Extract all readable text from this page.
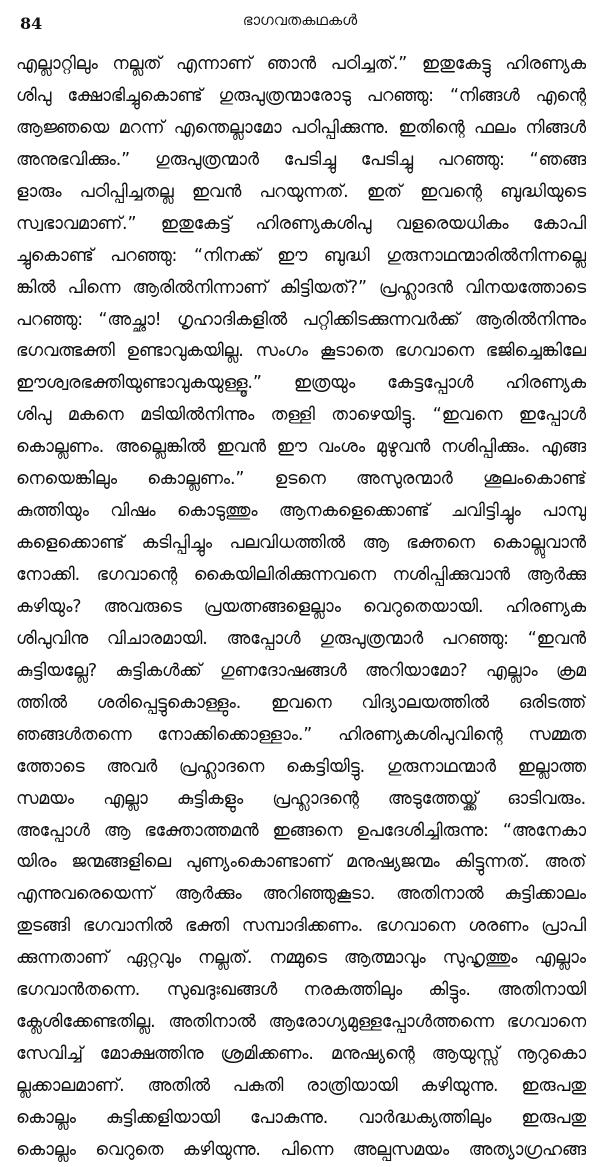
84	ഭാഗവതകഥകൾ
എല്ലാറ്റിലും നല്ലത് എന്നാണ് ഞാൻ പഠിച്ചത്.” ഇതുകേട്ടു ഹിരണ്യക
ശിപു ക്ഷോഭിച്ചുകൊണ്ട് ഗുരുപുത്രന്മാരോടു പറഞ്ഞു: “നിങ്ങൾ എന്റെ
ആജ്ഞയെ മറന്ന് എന്തെല്ലാമോ പഠിപ്പിക്കുന്നു. ഇതിന്റെ ഫലം നിങ്ങൾ
അനുഭവിക്കും.” ഗുരുപുത്രന്മാർ പേടിച്ചു പേടിച്ചു പറഞ്ഞു: “ഞങ്ങ
ളാരും പഠിപ്പിച്ചതല്ല ഇവൻ പറയുന്നത്. ഇത് ഇവന്റെ ബുദ്ധിയുടെ
സ്വഭാവമാണ്.” ഇതുകേട്ട് ഹിരണ്യകശിപു വളരെയധികം കോപി
ച്ചുകൊണ്ട് പറഞ്ഞു: “നിനക്ക് ഈ ബുദ്ധി ഗുരുനാഥന്മാരിൽനിന്നല്ലെ
ങ്കിൽ പിന്നെ ആരിൽനിന്നാണ് കിട്ടിയത്?” പ്രഹ്ലാദൻ വിനയത്തോടെ
പറഞ്ഞു: “അച്ഛാ! ഗൃഹാദികളിൽ പറ്റിക്കിടക്കുന്നവർക്ക് ആരിൽനിന്നും
ഭഗവത്ഭക്തി ഉണ്ടാവുകയില്ല. സംഗം കൂടാതെ ഭഗവാനെ ഭജിച്ചെങ്കിലേ
ഈശ്വരഭക്തിയുണ്ടാവുകയുള്ളൂ.” ഇത്രയും കേട്ടപ്പോൾ ഹിരണ്യക
ശിപു മകനെ മടിയിൽനിന്നും തള്ളി താഴെയിട്ടു. “ഇവനെ ഇപ്പോൾ
കൊല്ലണം. അല്ലെങ്കിൽ ഇവൻ ഈ വംശം മുഴുവൻ നശിപ്പിക്കും. എങ്ങ
നെയെങ്കിലും കൊല്ലണം.” ഉടനെ അസുരന്മാർ ശൂലംകൊണ്ട്
കുത്തിയും വിഷം കൊടുത്തും ആനകളെക്കൊണ്ട് ചവിട്ടിച്ചും പാമ്പു
കളെക്കൊണ്ട് കടിപ്പിച്ചും പലവിധത്തിൽ ആ ഭക്തനെ കൊല്ലുവാൻ
നോക്കി. ഭഗവാന്റെ കൈയിലിരിക്കുന്നവനെ നശിപ്പിക്കുവാൻ ആർക്കു
കഴിയും? അവരുടെ പ്രയത്നങ്ങളെല്ലാം വെറുതെയായി. ഹിരണ്യക
ശിപുവിനു വിചാരമായി. അപ്പോൾ ഗുരുപുത്രന്മാർ പറഞ്ഞു: “ഇവൻ
കുട്ടിയല്ലേ? കുട്ടികൾക്ക് ഗുണദോഷങ്ങൾ അറിയാമോ? എല്ലാം ക്രമ
ത്തിൽ ശരിപ്പെട്ടുകൊള്ളും. ഇവനെ വിദ്യാലയത്തിൽ ഒരിടത്ത്
ഞങ്ങൾതന്നെ നോക്കിക്കൊള്ളാം.” ഹിരണ്യകശിപുവിന്റെ സമ്മത
ത്തോടെ അവർ പ്രഹ്ലാദനെ കെട്ടിയിട്ടു. ഗുരുനാഥന്മാർ ഇല്ലാത്ത
സമയം എല്ലാ കുട്ടികളും പ്രഹ്ലാദന്റെ അടുത്തേയ്ക്ക് ഓടിവരും.
അപ്പോൾ ആ ഭക്തോത്തമൻ ഇങ്ങനെ ഉപദേശിച്ചിരുന്നു: “അനേകാ
യിരം ജന്മങ്ങളിലെ പുണ്യംകൊണ്ടാണ് മനുഷ്യജന്മം കിട്ടുന്നത്. അത്
എന്നുവരെയെന്ന് ആർക്കും അറിഞ്ഞുകൂടാ. അതിനാൽ കുട്ടിക്കാലം
തുടങ്ങി ഭഗവാനിൽ ഭക്തി സമ്പാദിക്കണം. ഭഗവാനെ ശരണം പ്രാപി
ക്കുന്നതാണ് ഏറ്റവും നല്ലത്. നമ്മുടെ ആത്മാവും സുഹൃത്തും എല്ലാം
ഭഗവാൻതന്നെ. സുഖദുഃഖങ്ങൾ നരകത്തിലും കിട്ടും. അതിനായി
ക്ലേശിക്കേണ്ടതില്ല. അതിനാൽ ആരോഗ്യമുള്ളപ്പോൾത്തന്നെ ഭഗവാനെ
സേവിച്ച് മോക്ഷത്തിനു ശ്രമിക്കണം. മനുഷ്യന്റെ ആയുസ്സ് നൂറുകൊ
ല്ലക്കാലമാണ്. അതിൽ പകുതി രാത്രിയായി കഴിയുന്നു. ഇരുപതു
കൊല്ലം കുട്ടിക്കളിയായി പോകുന്നു. വാർദ്ധക്യത്തിലും ഇരുപതു
കൊല്ലം വെറുതെ കഴിയുന്നു. പിന്നെ അല്പസമയം അത്യാഗ്രഹങ്ങ
